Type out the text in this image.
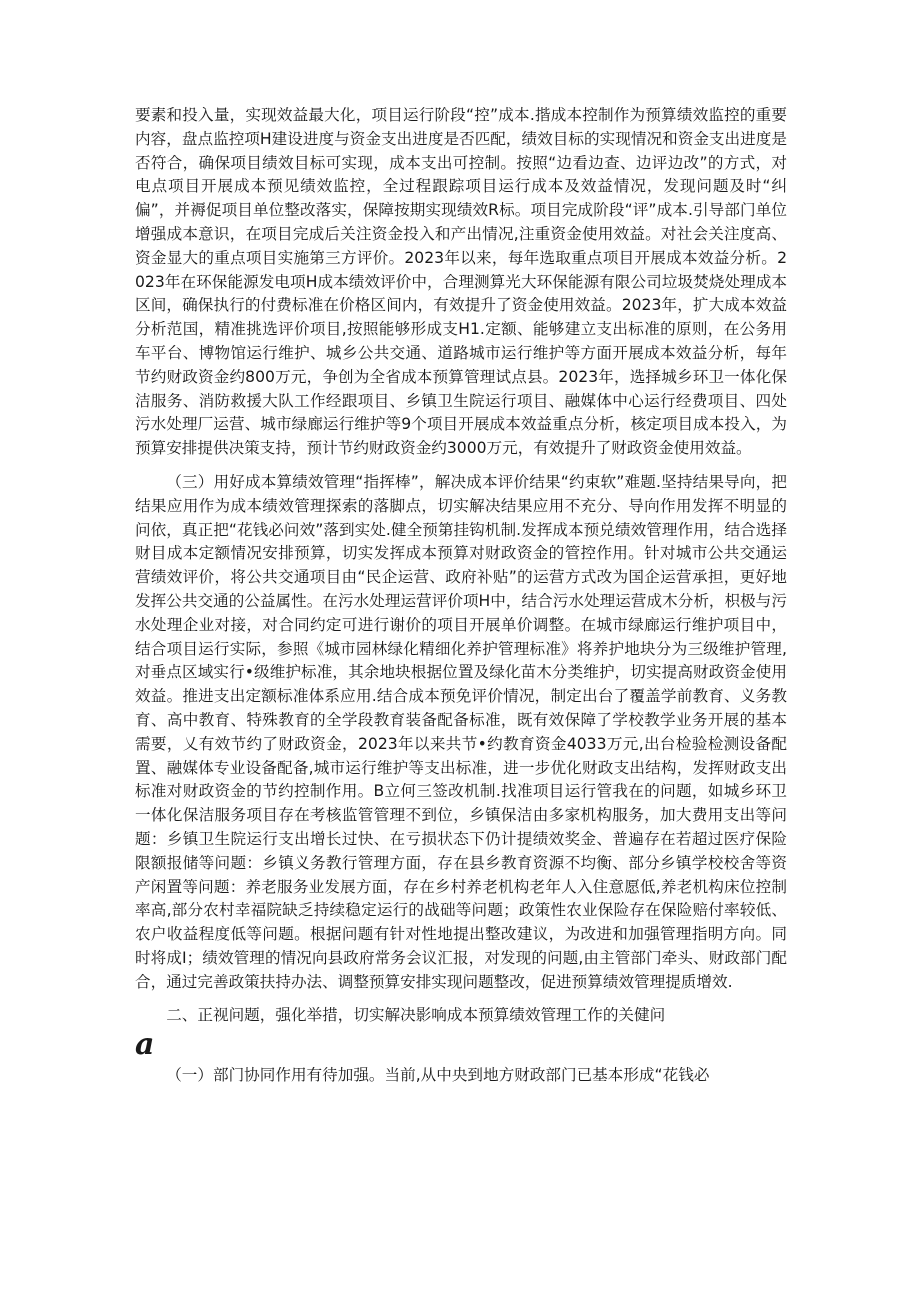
要素和投入量，实现效益最大化，项目运行阶段“控”成本.揩成本控制作为预算绩效监控的重要内容，盘点监控项H建设进度与资金支出进度是否匹配，绩效目标的实现情况和资金支出进度是否符合，确保项目绩效目标可实现，成本支出可控制。按照“边看边查、边评边改”的方式，对电点项目开展成本预见绩效监控，全过程跟踪项目运行成本及效益情况，发现问题及时“纠偏”，并褥促项目单位整改落实，保障按期实现绩效R标。项目完成阶段“评”成本.引导部门单位增强成本意识，在项目完成后关注资金投入和产出情况,注重资金使用效益。对社会关注度高、资金显大的重点项目实施第三方评价。2023年以来，每年选取重点项目开展成本效益分析。2023年在环保能源发电项H成本绩效评价中，合理测算光大环保能源有限公司垃圾焚烧处理成本区间，确保执行的付费标准在价格区间内，有效提升了资金使用效益。2023年，扩大成本效益分析范国，精准挑选评价项目,按照能够形成支H1.定额、能够建立支出标准的原则，在公务用车平台、博物馆运行维护、城乡公共交通、道路城市运行维护等方面开展成本效益分析，每年节约财政资金约800万元，争创为全省成本预算管理试点县。2023年，选择城乡环卫一体化保洁服务、消防救援大队工作经跟项目、乡镇卫生院运行项目、融媒体中心运行经费项目、四处污水处理厂运营、城市绿廊运行维护等9个项目开展成本效益重点分析，核定项目成本投入，为预算安排提供决策支持，预计节约财政资金约3000万元，有效提升了财政资金使用效益。

（三）用好成本算绩效管理“指挥棒”，解决成本评价结果“约束软”难题.坚持结果导向，把结果应用作为成本绩效管理探索的落脚点，切实解决结果应用不充分、导向作用发挥不明显的问依，真正把“花钱必问效”落到实处.健全预第挂钩机制.发挥成本预兑绩效管理作用，结合选择财目成本定额情况安排预算，切实发挥成本预算对财政资金的管控作用。针对城市公共交通运营绩效评价，将公共交通项目由“民企运营、政府补贴”的运营方式改为国企运营承担，更好地发挥公共交通的公益属性。在污水处理运营评价项H中，结合污水处理运营成木分析，枳极与污水处理企业对接，对合同约定可进行谢价的项目开展单价调整。在城市绿廊运行维护项目中，结合项目运行实际，参照《城市园林绿化精细化养护管理标准》将养护地块分为三级维护管理,对垂点区域实行•级维护标准，其余地块根据位置及绿化苗木分类维护，切实提高财政资金使用效益。推进支出定额标准体系应用.结合成本预免评价情况，制定出台了覆盖学前教育、义务教育、高中教育、特殊教育的全学段教育装备配备标准，既有效保障了学校教学业务开展的基本需要，乂有效节约了财政资金，2023年以来共节•约教育资金4033万元,出台检验检测设备配置、融媒体专业设备配备,城市运行维护等支出标准，进一步优化财政支出结构，发挥财政支出标准对财政资金的节约控制作用。B立何三签改机制.找准项目运行管我在的问题，如城乡环卫一体化保洁服务项目存在考核监管管理不到位，乡镇保洁由多家机构服务，加大费用支出等问题：乡镇卫生院运行支出增长过快、在亏损状态下仍计提绩效奖金、普遍存在若超过医疗保险限额报储等问题：乡镇义务教行管理方面，存在县乡教育资源不均衡、部分乡镇学校校舍等资产闲置等问题：养老服务业发展方面，存在乡村养老机构老年人入住意愿低,养老机构床位控制率高,部分农村幸福院缺乏持续稳定运行的战础等问题；政策性农业保险存在保险赔付率较低、农户收益程度低等问题。根据问题有针对性地提出整改建议，为改进和加强管理指明方向。同时将成I；绩效管理的情况向县政府常务会议汇报，对发现的问题,由主管部门牵头、财政部门配合，通过完善政策扶持办法、调整预算安排实现问题整改，促进预算绩效管理提质增效.

二、正视问题，强化举措，切实解决影响成本预算绩效管理工作的关健问

a

（一）部门协同作用有待加强。当前,从中央到地方财政部门已基本形成“花钱必
